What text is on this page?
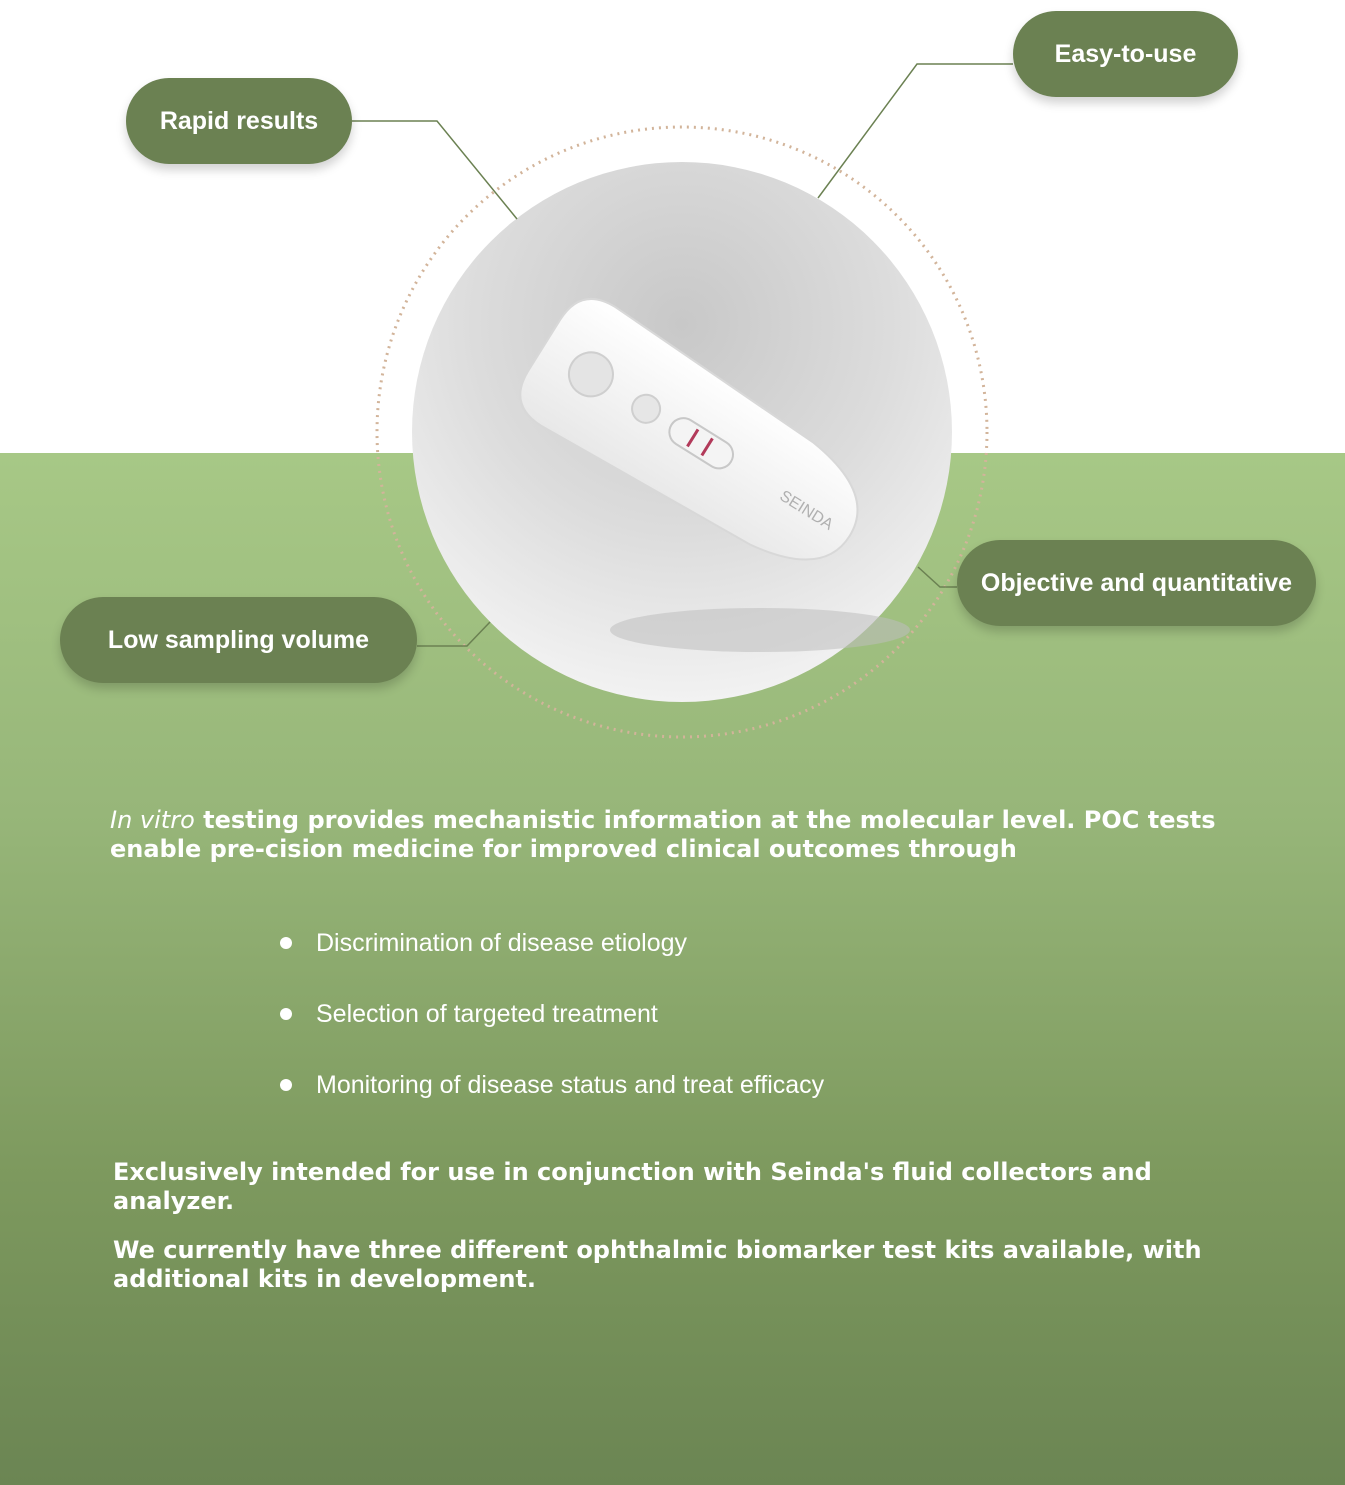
SEINDA
Rapid results
Easy-to-use
Objective and quantitative
Low sampling volume
In vitro testing provides mechanistic information at the molecular level. POC tests enable pre-cision medicine for improved clinical outcomes through
Discrimination of disease etiology
Selection of targeted treatment
Monitoring of disease status and treat efficacy
Exclusively intended for use in conjunction with Seinda's fluid collectors and analyzer.
We currently have three different ophthalmic biomarker test kits available, with additional kits in development.
